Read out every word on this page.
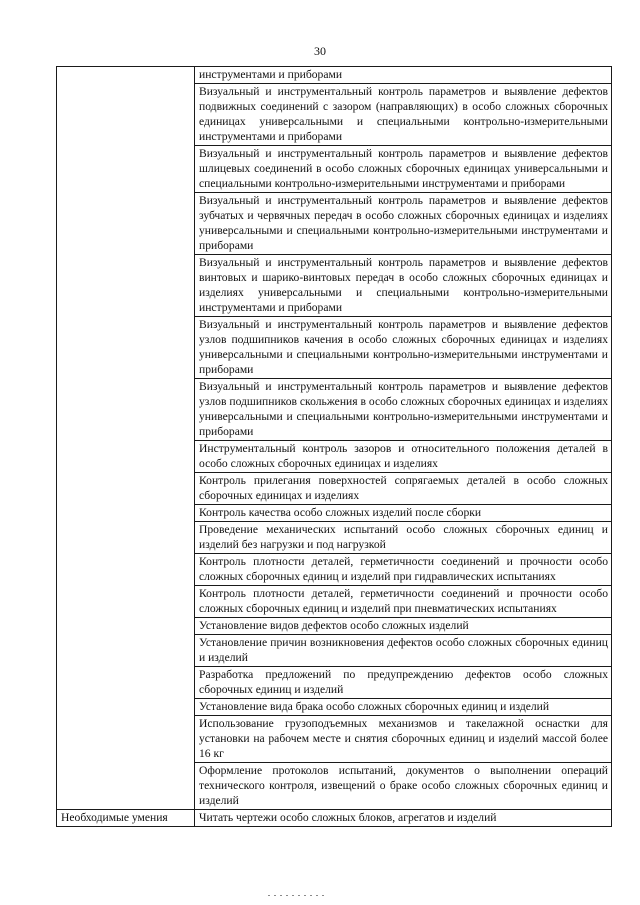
30
	инструментами и приборами
	Визуальный и инструментальный контроль параметров и выявление дефектов подвижных соединений с зазором (направляющих) в особо сложных сборочных единицах универсальными и специальными контрольно-измерительными инструментами и приборами
	Визуальный и инструментальный контроль параметров и выявление дефектов шлицевых соединений в особо сложных сборочных единицах универсальными и специальными контрольно-измерительными инструментами и приборами
	Визуальный и инструментальный контроль параметров и выявление дефектов зубчатых и червячных передач в особо сложных сборочных единицах и изделиях универсальными и специальными контрольно-измерительными инструментами и приборами
	Визуальный и инструментальный контроль параметров и выявление дефектов винтовых и шарико-винтовых передач в особо сложных сборочных единицах и изделиях универсальными и специальными контрольно-измерительными инструментами и приборами
	Визуальный и инструментальный контроль параметров и выявление дефектов узлов подшипников качения в особо сложных сборочных единицах и изделиях универсальными и специальными контрольно-измерительными инструментами и приборами
	Визуальный и инструментальный контроль параметров и выявление дефектов узлов подшипников скольжения в особо сложных сборочных единицах и изделиях универсальными и специальными контрольно-измерительными инструментами и приборами
	Инструментальный контроль зазоров и относительного положения деталей в особо сложных сборочных единицах и изделиях
	Контроль прилегания поверхностей сопрягаемых деталей в особо сложных сборочных единицах и изделиях
	Контроль качества особо сложных изделий после сборки
	Проведение механических испытаний особо сложных сборочных единиц и изделий без нагрузки и под нагрузкой
	Контроль плотности деталей, герметичности соединений и прочности особо сложных сборочных единиц и изделий при гидравлических испытаниях
	Контроль плотности деталей, герметичности соединений и прочности особо сложных сборочных единиц и изделий при пневматических испытаниях
	Установление видов дефектов особо сложных изделий
	Установление причин возникновения дефектов особо сложных сборочных единиц и изделий
	Разработка предложений по предупреждению дефектов особо сложных сборочных единиц и изделий
	Установление вида брака особо сложных сборочных единиц и изделий
	Использование грузоподъемных механизмов и такелажной оснастки для установки на рабочем месте и снятия сборочных единиц и изделий массой более 16 кг
	Оформление протоколов испытаний, документов о выполнении операций технического контроля, извещений о браке особо сложных сборочных единиц и изделий
Необходимые умения	Читать чертежи особо сложных блоков, агрегатов и изделий
